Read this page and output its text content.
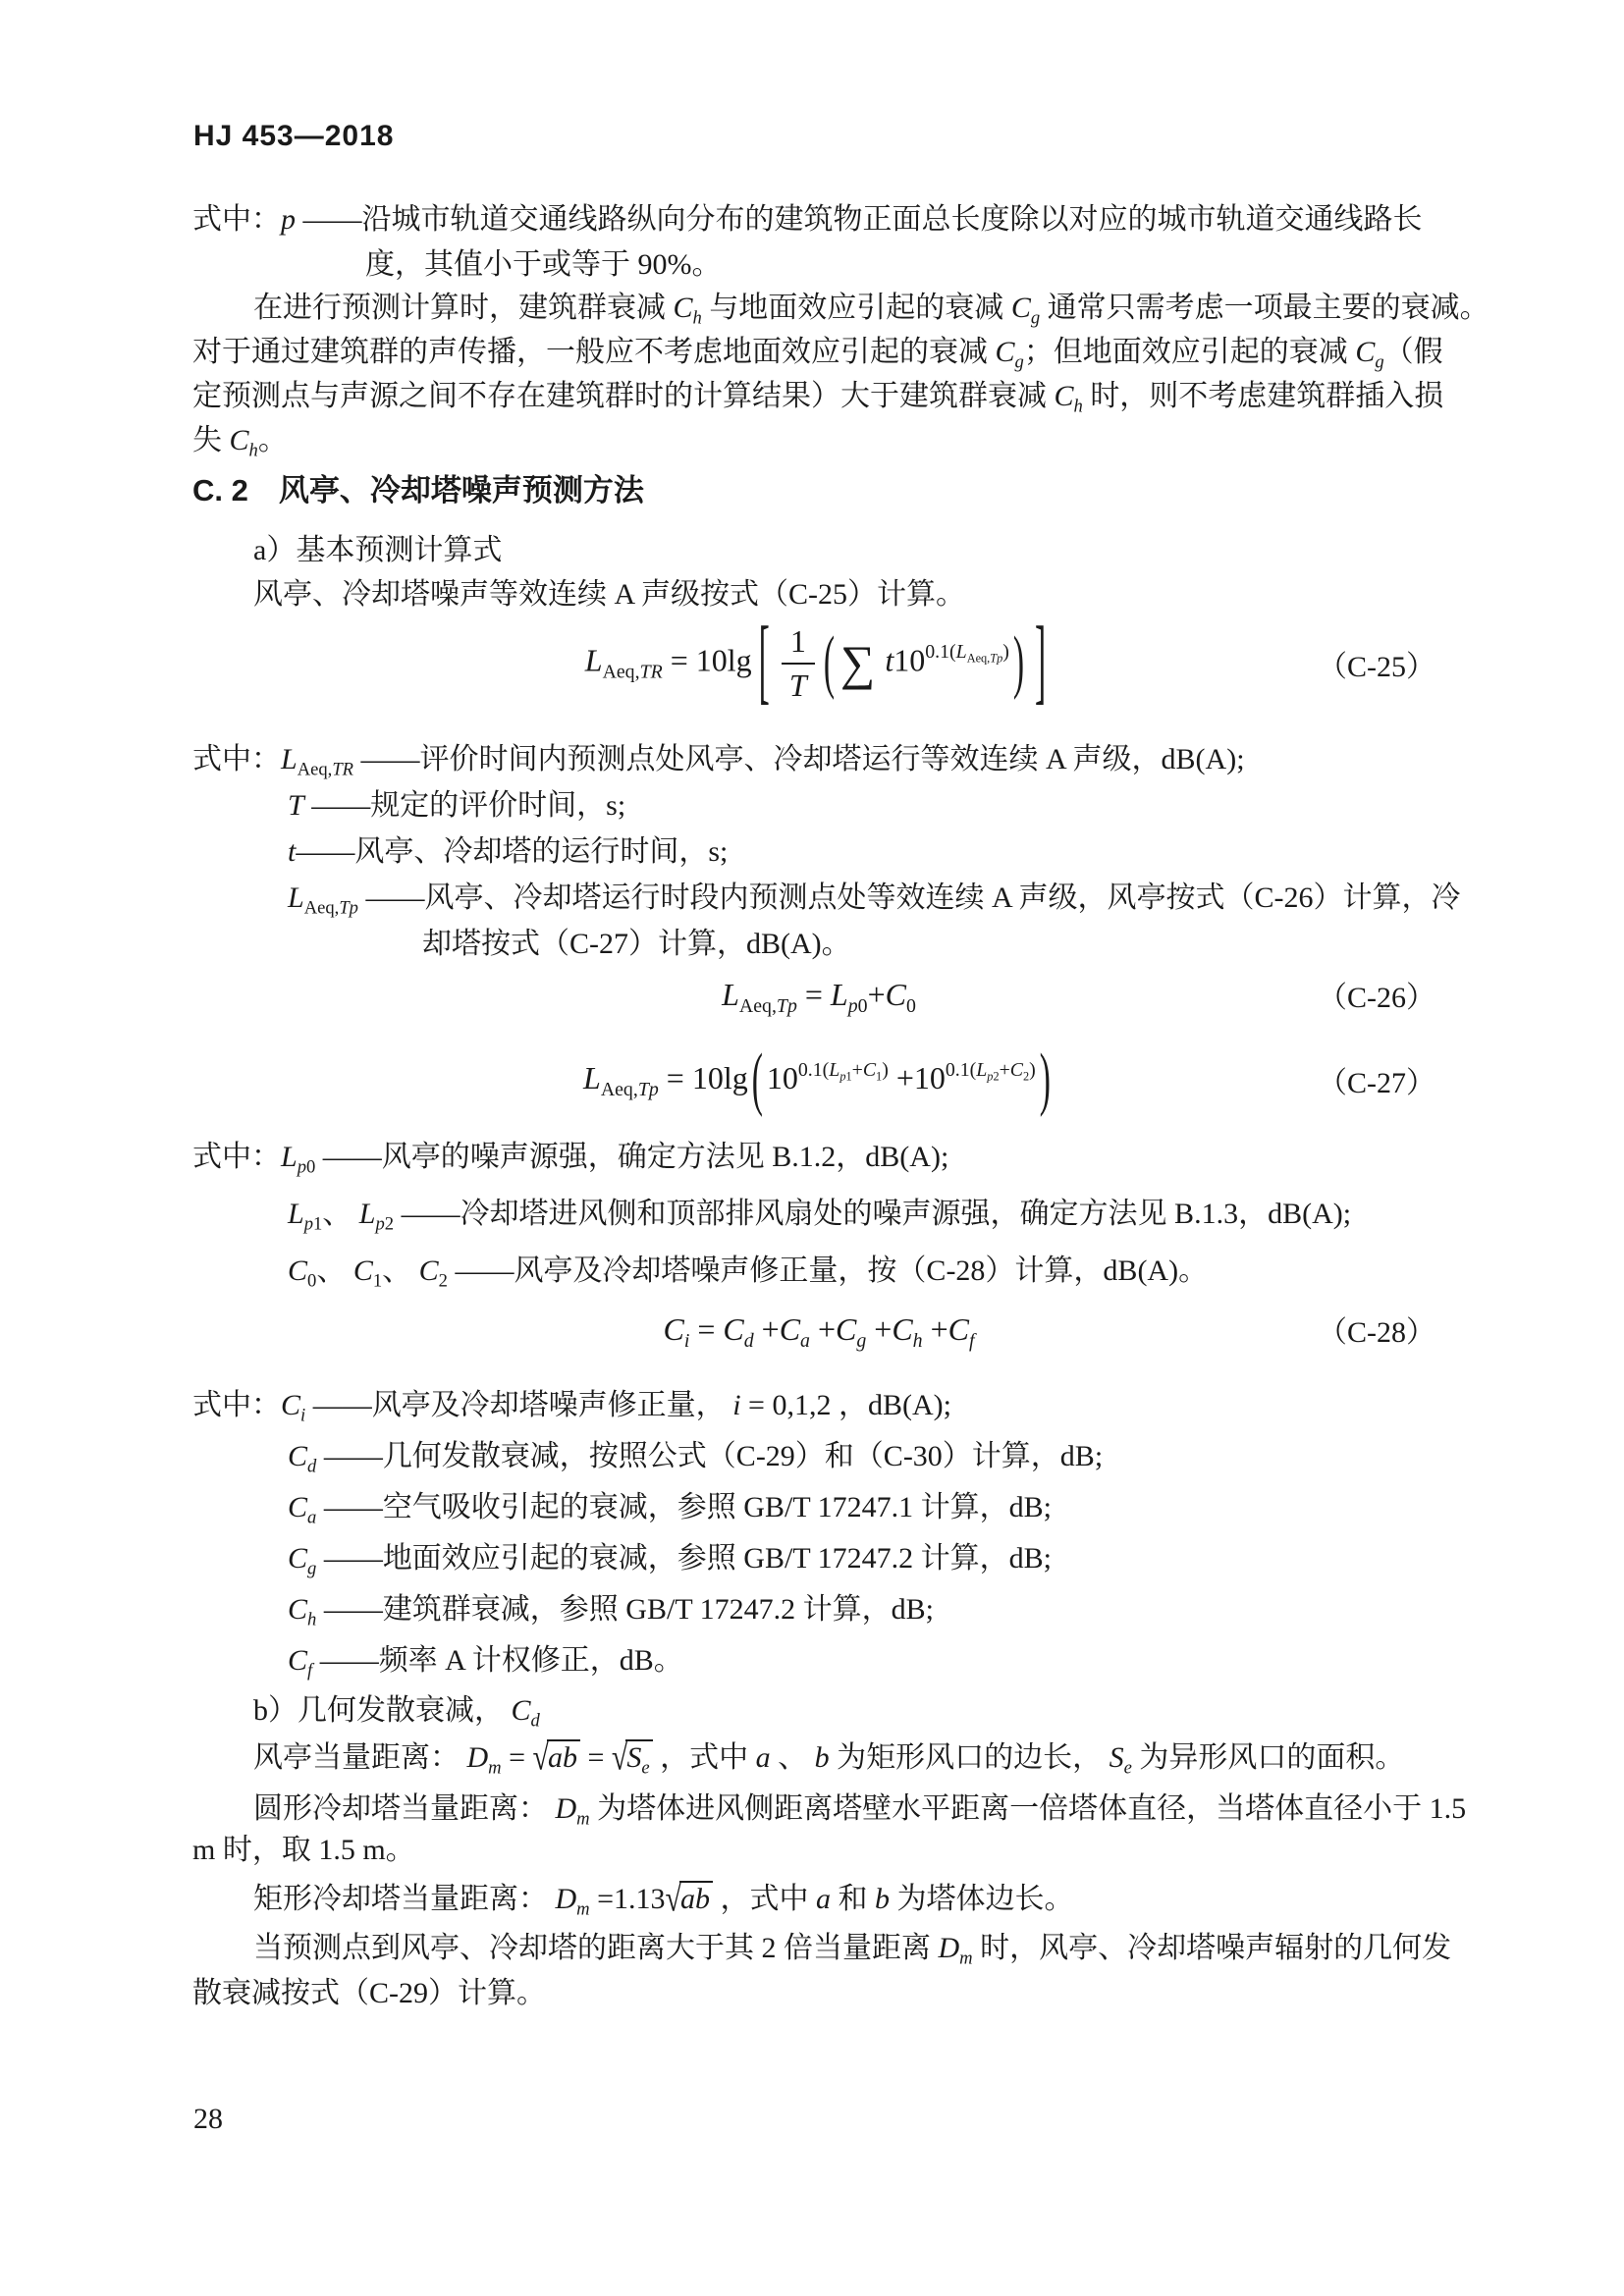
HJ 453—2018
式中：p ——沿城市轨道交通线路纵向分布的建筑物正面总长度除以对应的城市轨道交通线路长
度，其值小于或等于 90%。
在进行预测计算时，建筑群衰减 $C_h$ 与地面效应引起的衰减 $C_g$ 通常只需考虑一项最主要的衰减。
对于通过建筑群的声传播，一般应不考虑地面效应引起的衰减 $C_g$；但地面效应引起的衰减 $C_g$（假
定预测点与声源之间不存在建筑群时的计算结果）大于建筑群衰减 $C_h$ 时，则不考虑建筑群插入损
失 $C_h$。
C. 2　风亭、冷却塔噪声预测方法
a）基本预测计算式
风亭、冷却塔噪声等效连续 A 声级按式（C-25）计算。
$L_{Aeq,TR} = 10\lg$ [ $\frac{1}{T}$ ( ∑ $t10^{0.1(L_{Aeq,Tp})}$ ) ]	（C-25）
式中：$L_{Aeq,TR}$ ——评价时间内预测点处风亭、冷却塔运行等效连续 A 声级，dB(A);
T ——规定的评价时间，s;
t——风亭、冷却塔的运行时间，s;
$L_{Aeq,Tp}$ ——风亭、冷却塔运行时段内预测点处等效连续 A 声级，风亭按式（C-26）计算，冷
却塔按式（C-27）计算，dB(A)。
$L_{Aeq,Tp} = L_{p0}+C_0$	（C-26）
$L_{Aeq,Tp} = 10\lg$ ( $10^{0.1(L_{p1}+C_1)} +10^{0.1(L_{p2}+C_2)}$ )	（C-27）
式中：$L_{p0}$ ——风亭的噪声源强，确定方法见 B.1.2，dB(A);
$L_{p1}$、 $L_{p2}$ ——冷却塔进风侧和顶部排风扇处的噪声源强，确定方法见 B.1.3，dB(A);
$C_0$、 $C_1$、 $C_2$ ——风亭及冷却塔噪声修正量，按（C-28）计算，dB(A)。
$C_i = C_d +C_a +C_g +C_h +C_f$	（C-28）
式中：$C_i$ ——风亭及冷却塔噪声修正量， i = 0,1,2 ，dB(A);
$C_d$ ——几何发散衰减，按照公式（C-29）和（C-30）计算，dB;
$C_a$ ——空气吸收引起的衰减，参照 GB/T 17247.1 计算，dB;
$C_g$ ——地面效应引起的衰减，参照 GB/T 17247.2 计算，dB;
$C_h$ ——建筑群衰减，参照 GB/T 17247.2 计算，dB;
$C_f$ ——频率 A 计权修正，dB。
b）几何发散衰减， $C_d$
风亭当量距离： $D_m = √ab = √S_e$ ，式中 a 、 b 为矩形风口的边长， $S_e$ 为异形风口的面积。
圆形冷却塔当量距离： $D_m$ 为塔体进风侧距离塔壁水平距离一倍塔体直径，当塔体直径小于 1.5
m 时，取 1.5 m。
矩形冷却塔当量距离： $D_m =1.13√ab$ ，式中 a 和 b 为塔体边长。
当预测点到风亭、冷却塔的距离大于其 2 倍当量距离 $D_m$ 时，风亭、冷却塔噪声辐射的几何发
散衰减按式（C-29）计算。
28
